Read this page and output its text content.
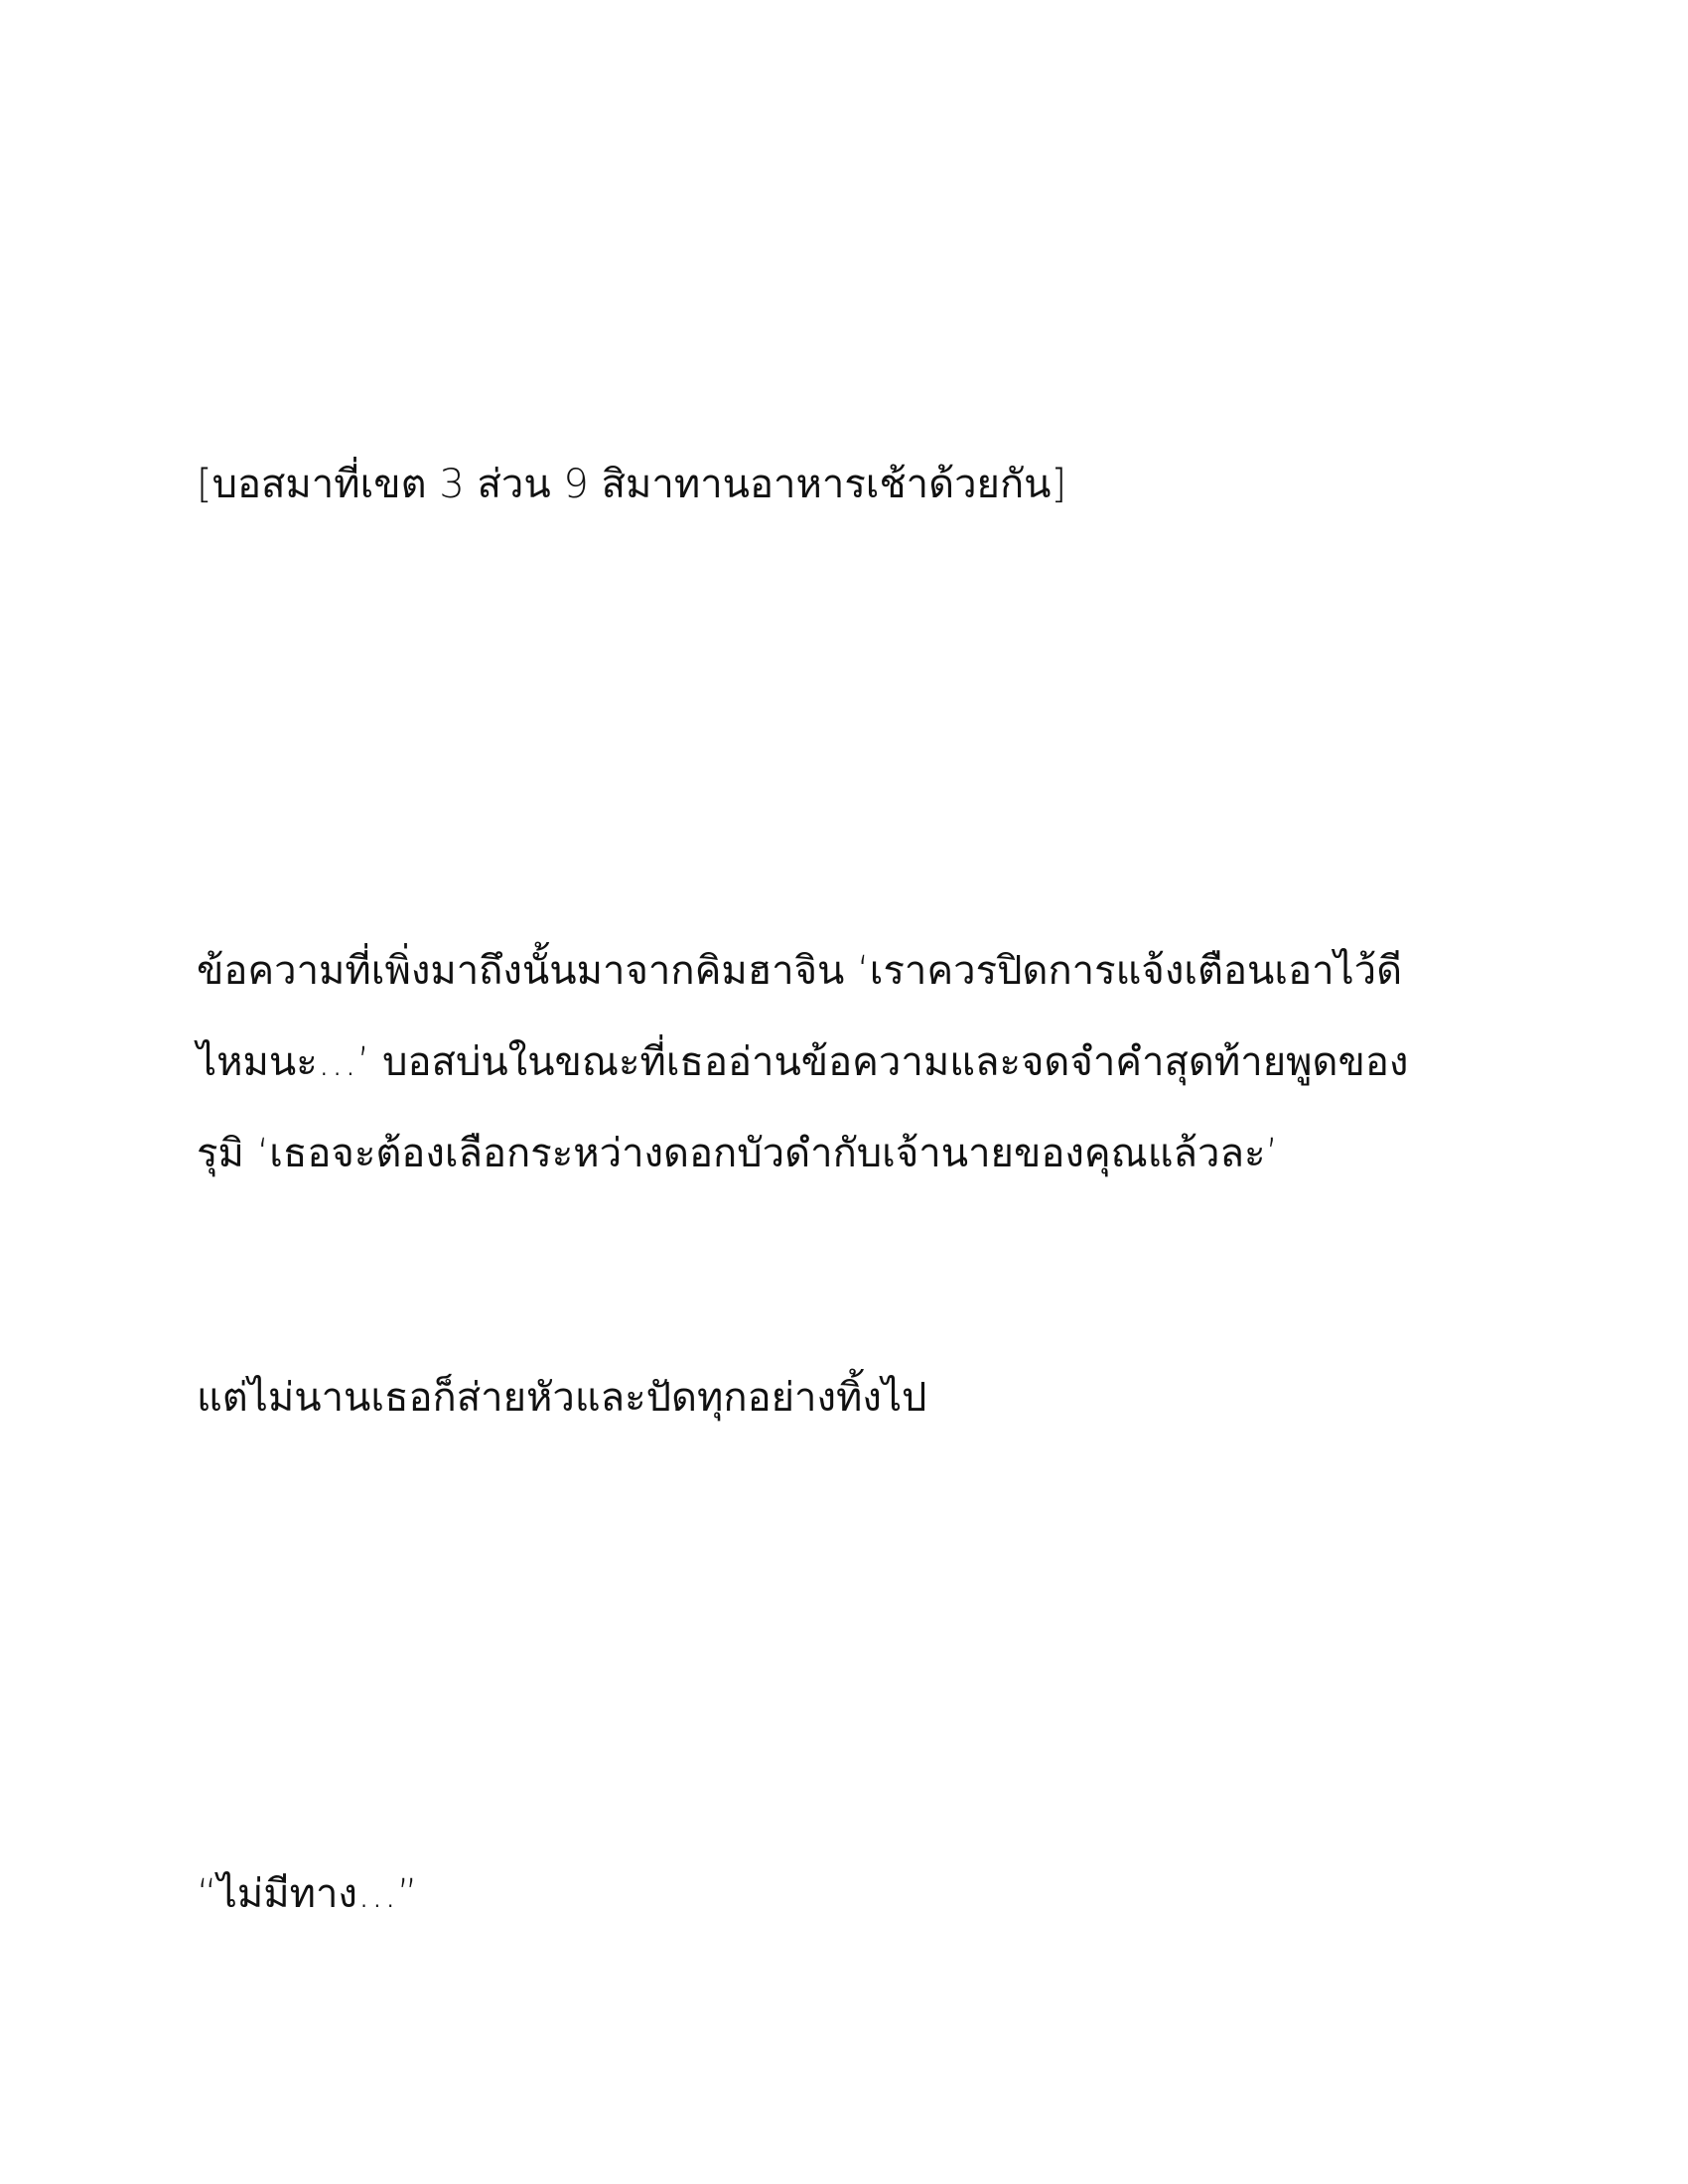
[บอสมาที่เขต 3 ส่วน 9 สิมาทานอาหารเช้าด้วยกัน]
ข้อความที่เพิ่งมาถึงนั้นมาจากคิมฮาจิน ‘เราควรปิดการแจ้งเตือนเอาไว้ดี
ไหมนะ…’ บอสบ่นในขณะที่เธออ่านข้อความและจดจำคำสุดท้ายพูดของ
รุมิ ‘เธอจะต้องเลือกระหว่างดอกบัวดำกับเจ้านายของคุณแล้วละ’
แต่ไม่นานเธอก็ส่ายหัวและปัดทุกอย่างทิ้งไป
“ไม่มีทาง…”
